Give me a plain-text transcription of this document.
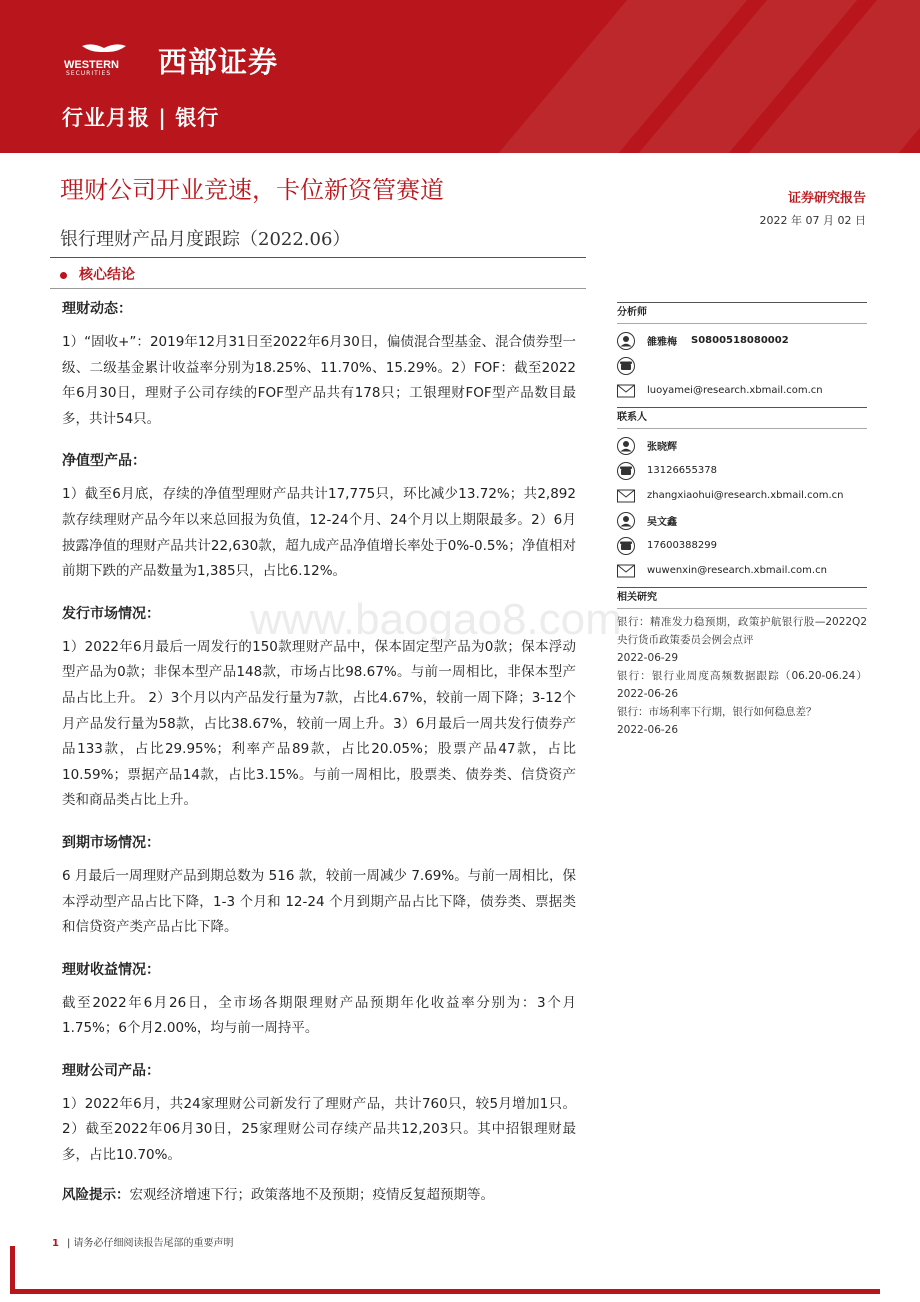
WESTERN
SECURITIES 西部证券
行业月报 | 银行
理财公司开业竞速，卡位新资管赛道	证券研究报告
2022 年 07 月 02 日
银行理财产品月度跟踪（2022.06）
核心结论
理财动态：

1）“固收+”：2019年12月31日至2022年6月30日，偏债混合型基金、混合债券型一级、二级基金累计收益率分别为18.25%、11.70%、15.29%。2）FOF：截至2022年6月30日，理财子公司存续的FOF型产品共有178只；工银理财FOF型产品数目最多，共计54只。

净值型产品：

1）截至6月底，存续的净值型理财产品共计17,775只，环比减少13.72%；共2,892款存续理财产品今年以来总回报为负值，12-24个月、24个月以上期限最多。2）6月披露净值的理财产品共计22,630款，超九成产品净值增长率处于0%-0.5%；净值相对前期下跌的产品数量为1,385只，占比6.12%。

发行市场情况：

1）2022年6月最后一周发行的150款理财产品中，保本固定型产品为0款；保本浮动型产品为0款；非保本型产品148款，市场占比98.67%。与前一周相比，非保本型产品占比上升。 2）3个月以内产品发行量为7款，占比4.67%，较前一周下降；3-12个月产品发行量为58款，占比38.67%，较前一周上升。3）6月最后一周共发行债券产品133款，占比29.95%；利率产品89款，占比20.05%；股票产品47款，占比10.59%；票据产品14款，占比3.15%。与前一周相比，股票类、债券类、信贷资产类和商品类占比上升。

到期市场情况：

6 月最后一周理财产品到期总数为 516 款，较前一周减少 7.69%。与前一周相比，保本浮动型产品占比下降，1-3 个月和 12-24 个月到期产品占比下降，债券类、票据类和信贷资产类产品占比下降。

理财收益情况：

截至2022年6月26日，全市场各期限理财产品预期年化收益率分别为：3个月1.75%；6个月2.00%，均与前一周持平。

理财公司产品：

1）2022年6月，共24家理财公司新发行了理财产品，共计760只，较5月增加1只。2）截至2022年06月30日，25家理财公司存续产品共12,203只。其中招银理财最多，占比10.70%。

风险提示：宏观经济增速下行；政策落地不及预期；疫情反复超预期等。

分析师
雒雅梅 S0800518080002
luoyamei@research.xbmail.com.cn
联系人
张晓辉
13126655378
zhangxiaohui@research.xbmail.com.cn
吴文鑫
17600388299
wuwenxin@research.xbmail.com.cn
相关研究
银行：精准发力稳预期，政策护航银行股—2022Q2 央行货币政策委员会例会点评
2022-06-29
银行：银行业周度高频数据跟踪（06.20-06.24） 2022-06-26
银行：市场利率下行期，银行如何稳息差？
2022-06-26
www.baogao8.com
1 | 请务必仔细阅读报告尾部的重要声明
